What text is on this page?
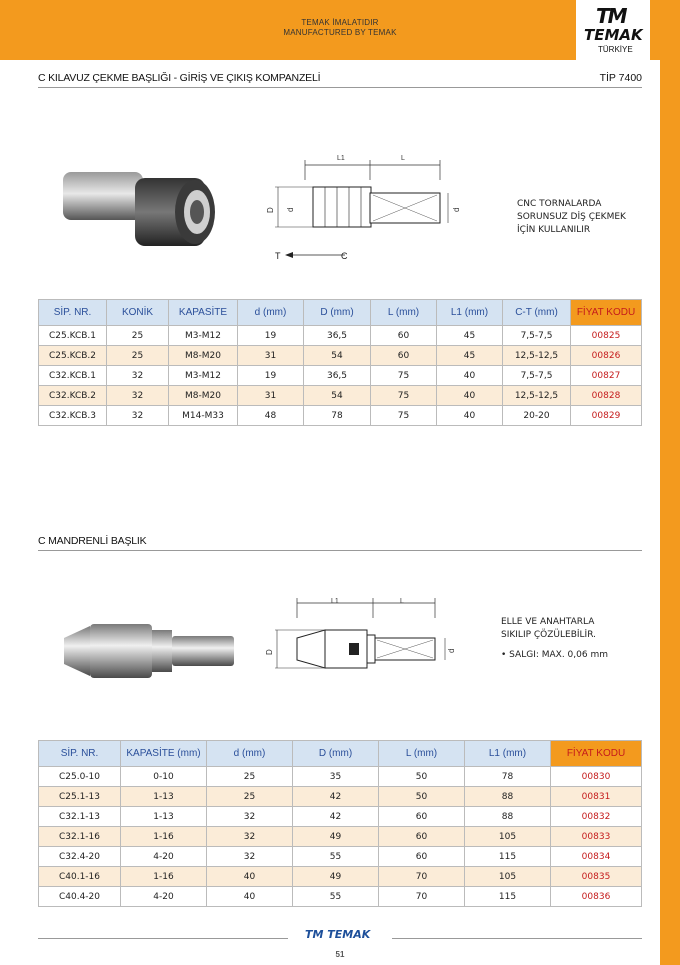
TEMAK İMALATIDIR
MANUFACTURED BY TEMAK
TM
TEMAK
TÜRKİYE
C KILAVUZ ÇEKME BAŞLIĞI - GİRİŞ VE ÇIKIŞ KOMPANZELİ	TİP 7400
L1	L
D d	d
T	C
CNC TORNALARDA
SORUNSUZ DİŞ ÇEKMEK
İÇİN KULLANILIR
SİP. NR.	KONİK	KAPASİTE	d (mm)	D (mm)	L (mm)	L1 (mm)	C-T (mm)	FİYAT KODU
C25.KCB.1	25	M3-M12	19	36,5	60	45	7,5-7,5	00825
C25.KCB.2	25	M8-M20	31	54	60	45	12,5-12,5	00826
C32.KCB.1	32	M3-M12	19	36,5	75	40	7,5-7,5	00827
C32.KCB.2	32	M8-M20	31	54	75	40	12,5-12,5	00828
C32.KCB.3	32	M14-M33	48	78	75	40	20-20	00829
C MANDRENLİ BAŞLIK
L1	L
D	d
ELLE VE ANAHTARLA
SIKILIP ÇÖZÜLEBİLİR.
• SALGI: MAX. 0,06 mm
SİP. NR.	KAPASİTE (mm)	d (mm)	D (mm)	L (mm)	L1 (mm)	FİYAT KODU
C25.0-10	0-10	25	35	50	78	00830
C25.1-13	1-13	25	42	50	88	00831
C32.1-13	1-13	32	42	60	88	00832
C32.1-16	1-16	32	49	60	105	00833
C32.4-20	4-20	32	55	60	115	00834
C40.1-16	1-16	40	49	70	105	00835
C40.4-20	4-20	40	55	70	115	00836
TM TEMAK
51
